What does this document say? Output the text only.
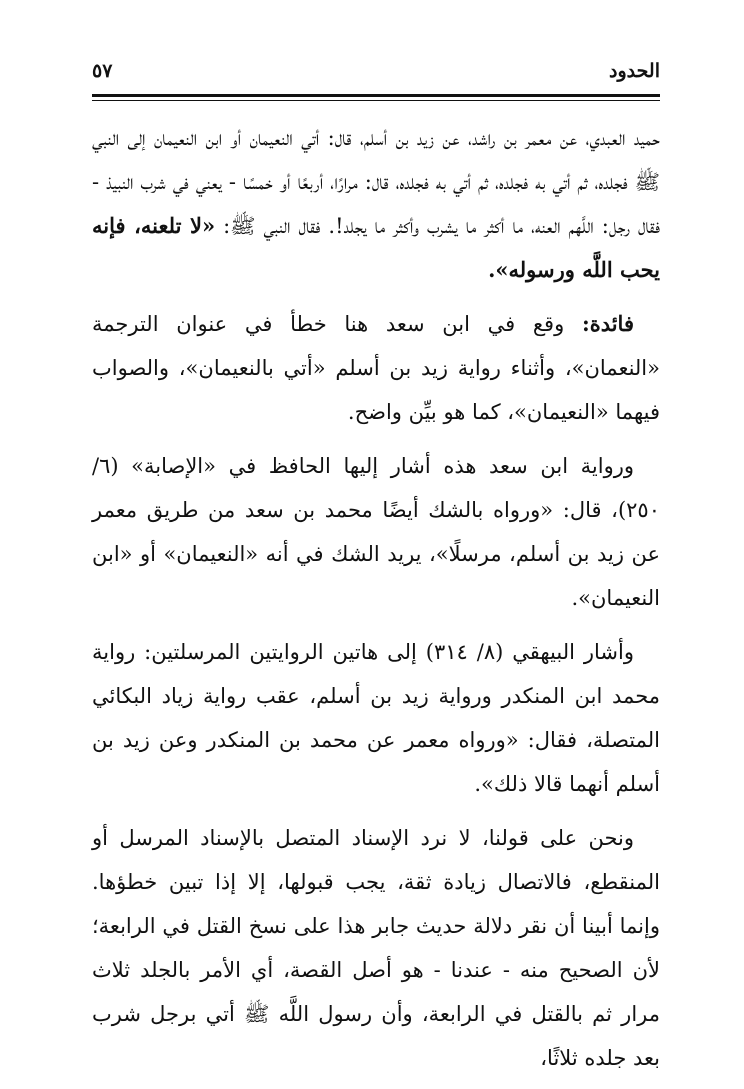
الحدود
٥٧

حميد العبدي، عن معمر بن راشد، عن زيد بن أسلم، قال: أتي النعيمان أو ابن النعيمان إلى النبي ﷺ فجلده، ثم أتي به فجلده، ثم أتي به فجلده، قال: مرارًا، أربعًا أو خمسًا - يعني في شرب النبيذ - فقال رجل: اللَّهم العنه، ما أكثر ما يشرب وأكثر ما يجلد!. فقال النبي ﷺ: «لا تلعنه، فإنه يحب اللَّه ورسوله».

فائدة: وقع في ابن سعد هنا خطأ في عنوان الترجمة «النعمان»، وأثناء رواية زيد بن أسلم «أتي بالنعيمان»، والصواب فيهما «النعيمان»، كما هو بيِّن واضح.

ورواية ابن سعد هذه أشار إليها الحافظ في «الإصابة» (٦/ ٢٥٠)، قال: «ورواه بالشك أيضًا محمد بن سعد من طريق معمر عن زيد بن أسلم، مرسلًا»، يريد الشك في أنه «النعيمان» أو «ابن النعيمان».

وأشار البيهقي (٨/ ٣١٤) إلى هاتين الروايتين المرسلتين: رواية محمد ابن المنكدر ورواية زيد بن أسلم، عقب رواية زياد البكائي المتصلة، فقال: «ورواه معمر عن محمد بن المنكدر وعن زيد بن أسلم أنهما قالا ذلك».

ونحن على قولنا، لا نرد الإسناد المتصل بالإسناد المرسل أو المنقطع، فالاتصال زيادة ثقة، يجب قبولها، إلا إذا تبين خطؤها. وإنما أبينا أن نقر دلالة حديث جابر هذا على نسخ القتل في الرابعة؛ لأن الصحيح منه - عندنا - هو أصل القصة، أي الأمر بالجلد ثلاث مرار ثم بالقتل في الرابعة، وأن رسول اللَّه ﷺ أتي برجل شرب بعد جلده ثلاثًا،
